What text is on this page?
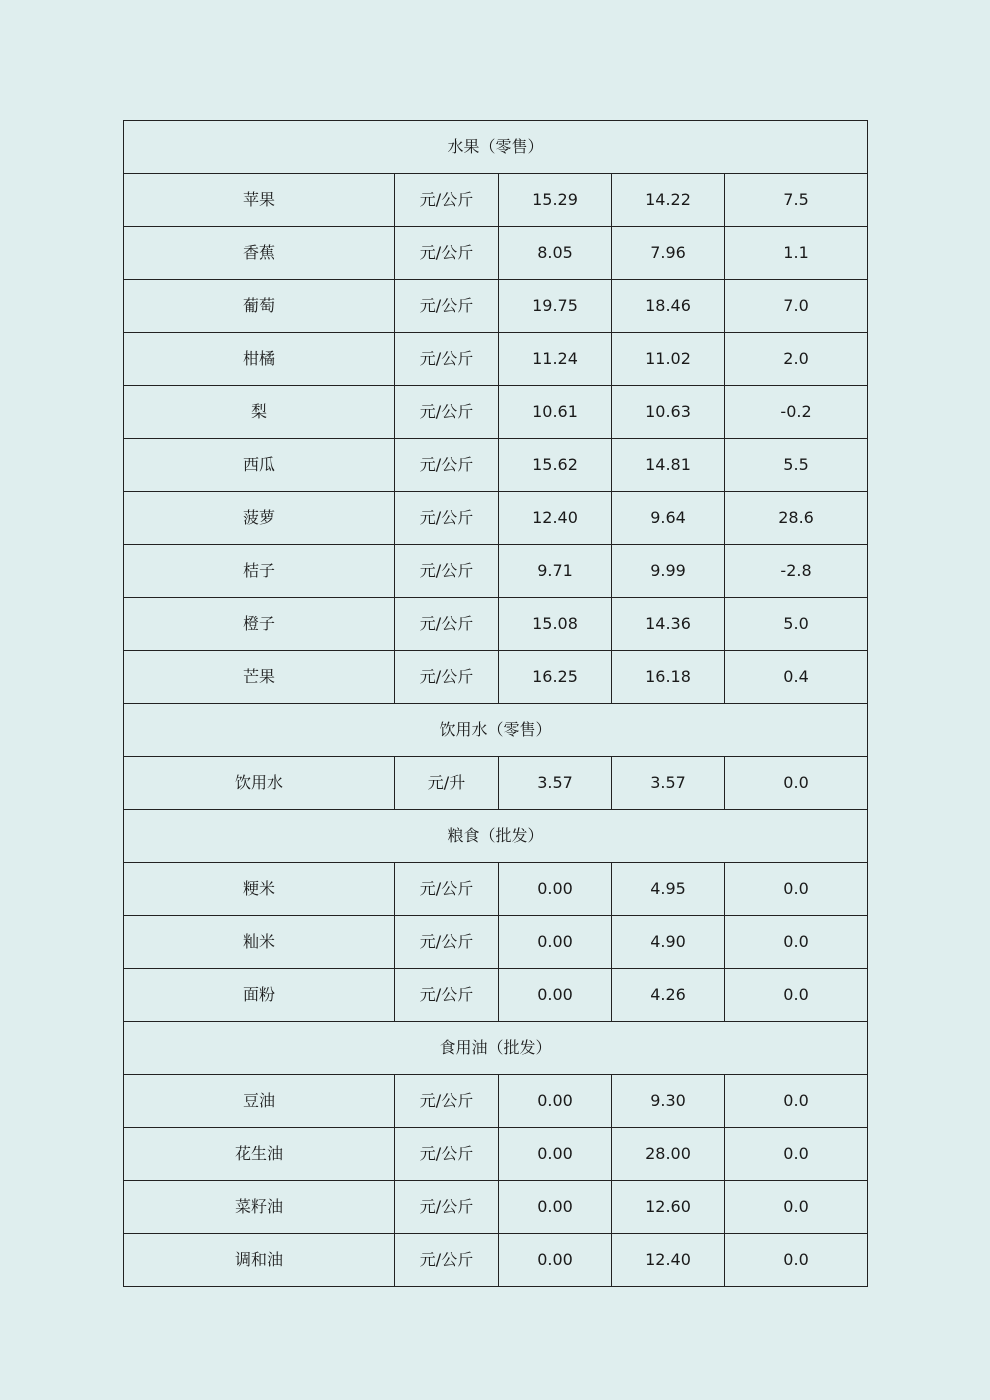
水果（零售）				
苹果	元/公斤	15.29	14.22	7.5
香蕉	元/公斤	8.05	7.96	1.1
葡萄	元/公斤	19.75	18.46	7.0
柑橘	元/公斤	11.24	11.02	2.0
梨	元/公斤	10.61	10.63	-0.2
西瓜	元/公斤	15.62	14.81	5.5
菠萝	元/公斤	12.40	9.64	28.6
桔子	元/公斤	9.71	9.99	-2.8
橙子	元/公斤	15.08	14.36	5.0
芒果	元/公斤	16.25	16.18	0.4
饮用水（零售）				
饮用水	元/升	3.57	3.57	0.0
粮食（批发）				
粳米	元/公斤	0.00	4.95	0.0
籼米	元/公斤	0.00	4.90	0.0
面粉	元/公斤	0.00	4.26	0.0
食用油（批发）				
豆油	元/公斤	0.00	9.30	0.0
花生油	元/公斤	0.00	28.00	0.0
菜籽油	元/公斤	0.00	12.60	0.0
调和油	元/公斤	0.00	12.40	0.0
